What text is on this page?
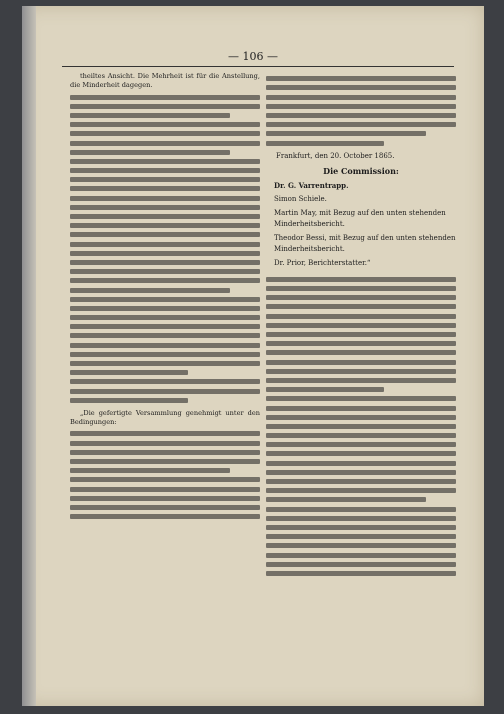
— 106 —

theiltes Ansicht. Die Mehrheit ist für die Anstellung, die Minderheit dagegen.

„Die gefertigte Versammlung genehmigt unter den Bedingungen:

Frankfurt, den 20. October 1865.
Die Commission:
Dr. G. Varrentrapp.
Simon Schiele.
Martin May, mit Bezug auf den unten stehenden Minderheitsbericht.
Theodor Bessi, mit Bezug auf den unten stehenden Minderheitsbericht.
Dr. Prior, Berichterstatter.“
